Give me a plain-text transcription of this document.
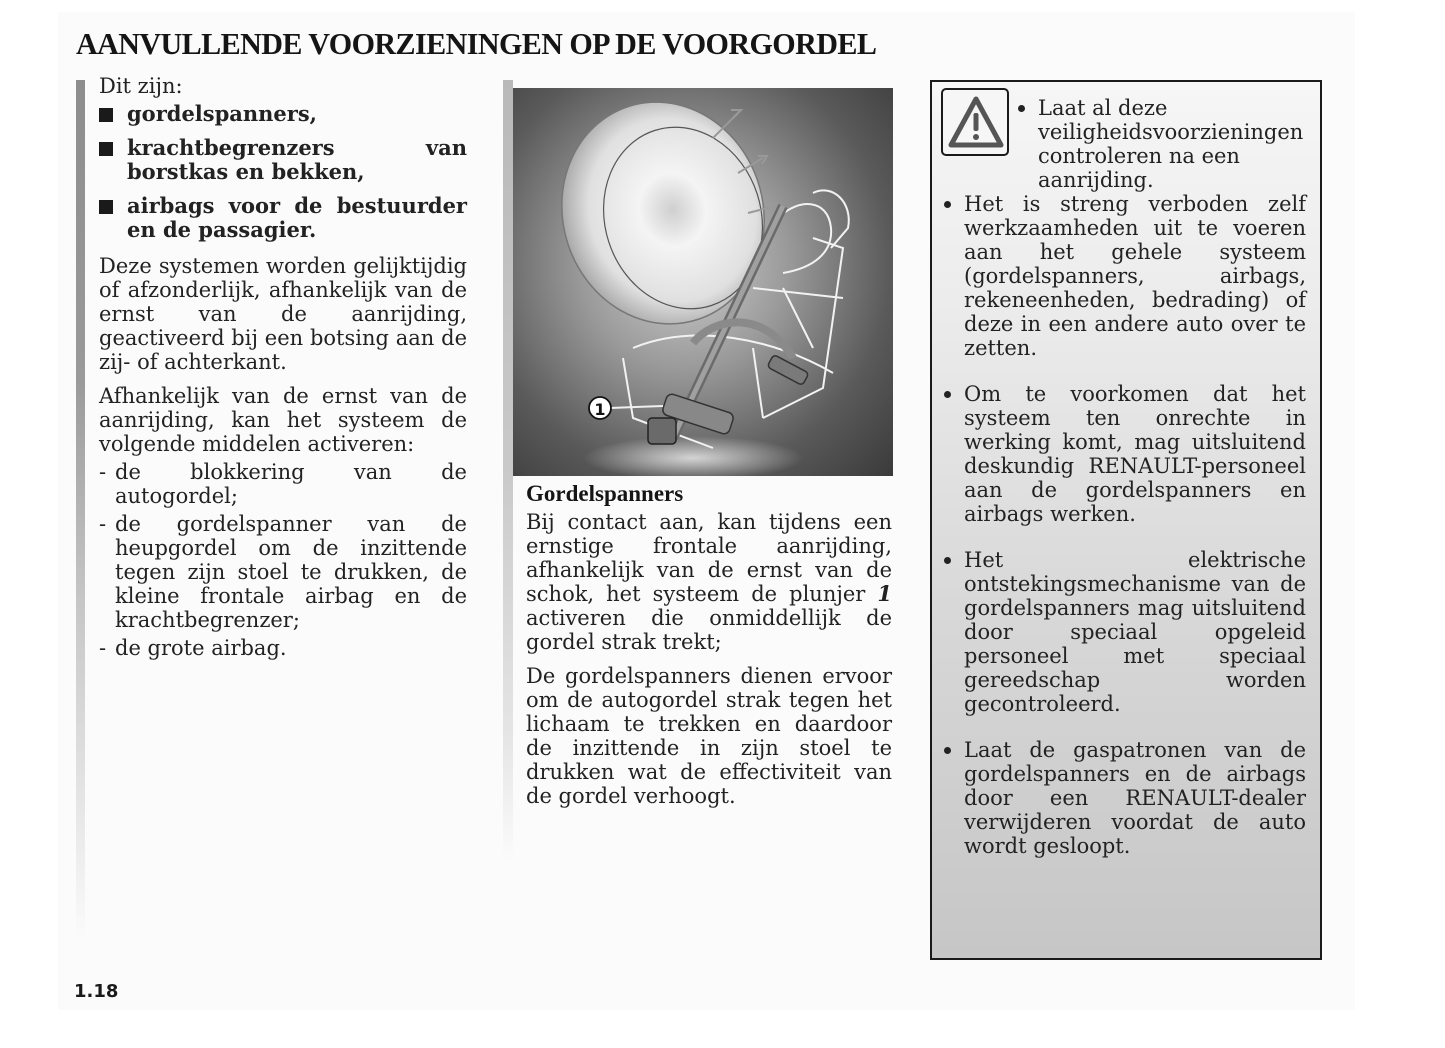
AANVULLENDE VOORZIENINGEN OP DE VOORGORDEL

Dit zijn:

gordelspanners,
krachtbegrenzers van borstkas en bekken,
airbags voor de bestuurder en de passagier.

Deze systemen worden gelijktijdig of afzonderlijk, afhankelijk van de ernst van de aanrijding, geactiveerd bij een botsing aan de zij- of achterkant.

Afhankelijk van de ernst van de aanrijding, kan het systeem de volgende middelen activeren:

- de blokkering van de autogordel;
- de gordelspanner van de heupgordel om de inzittende tegen zijn stoel te drukken, de kleine frontale airbag en de krachtbegrenzer;
- de grote airbag.
1
Gordelspanners

Bij contact aan, kan tijdens een ernstige frontale aanrijding, afhankelijk van de ernst van de schok, het systeem de plunjer 1 activeren die onmiddellijk de gordel strak trekt;

De gordelspanners dienen ervoor om de autogordel strak tegen het lichaam te trekken en daardoor de inzittende in zijn stoel te drukken wat de effectiviteit van de gordel verhoogt.

Laat al deze veiligheidsvoorzieningen controleren na een aanrijding.
Het is streng verboden zelf werkzaamheden uit te voeren aan het gehele systeem (gordelspanners, airbags, rekeneenheden, bedrading) of deze in een andere auto over te zetten.
Om te voorkomen dat het systeem ten onrechte in werking komt, mag uitsluitend deskundig RENAULT-personeel aan de gordelspanners en airbags werken.
Het elektrische ontstekingsmechanisme van de gordelspanners mag uitsluitend door speciaal opgeleid personeel met speciaal gereedschap worden gecontroleerd.
Laat de gaspatronen van de gordelspanners en de airbags door een RENAULT-dealer verwijderen voordat de auto wordt gesloopt.
1.18
